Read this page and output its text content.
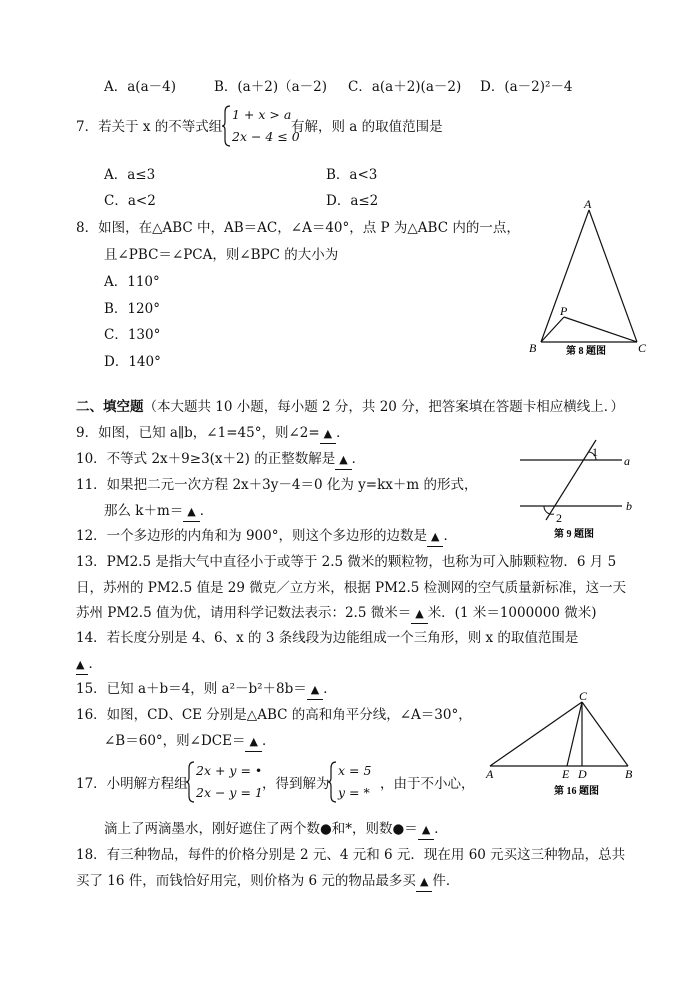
A．a(a－4)	B．(a＋2)（a－2) C．a(a＋2)(a－2) D．(a－2)²－4
7．若关于 x 的不等式组
1 + x > a
2x − 4 ≤ 0
有解，则 a 的取值范围是
A．a≤3	B．a<3
C．a<2	D．a≤2
8．如图，在△ABC 中，AB＝AC，∠A＝40°，点 P 为△ABC 内的一点，
且∠PBC＝∠PCA，则∠BPC 的大小为
A．110°
B．120°
C．130°
D．140°
A
P
B	C
第 8 题图
二、填空题（本大题共 10 小题，每小题 2 分，共 20 分，把答案填在答题卡相应横线上．）
9．如图，已知 a∥b，∠1=45°，则∠2= ▲ ．
a
b
1
2
第 9 题图
10．不等式 2x＋9≥3(x＋2) 的正整数解是 ▲ ．
11．如果把二元一次方程 2x＋3y－4＝0 化为 y=kx＋m 的形式，
那么 k＋m＝ ▲ ．
12．一个多边形的内角和为 900°，则这个多边形的边数是 ▲ ．
13．PM2.5 是指大气中直径小于或等于 2.5 微米的颗粒物，也称为可入肺颗粒物．6 月 5
日，苏州的 PM2.5 值是 29 微克／立方米，根据 PM2.5 检测网的空气质量新标准，这一天
苏州 PM2.5 值为优，请用科学记数法表示：2.5 微米＝ ▲ 米．(1 米＝1000000 微米)
14．若长度分别是 4、6、x 的 3 条线段为边能组成一个三角形，则 x 的取值范围是
▲ ．
15．已知 a＋b＝4，则 a²－b²＋8b＝ ▲ ．
16．如图，CD、CE 分别是△ABC 的高和角平分线，∠A＝30°，
∠B＝60°，则∠DCE＝ ▲ ．
C
A	E D	B
第 16 题图
17．小明解方程组
2x + y = •
2x − y = 1
，得到解为
x = 5
y = *
，由于不小心，
滴上了两滴墨水，刚好遮住了两个数●和*，则数●＝ ▲ ．
18．有三种物品，每件的价格分别是 2 元、4 元和 6 元．现在用 60 元买这三种物品，总共
买了 16 件，而钱恰好用完，则价格为 6 元的物品最多买 ▲ 件．
